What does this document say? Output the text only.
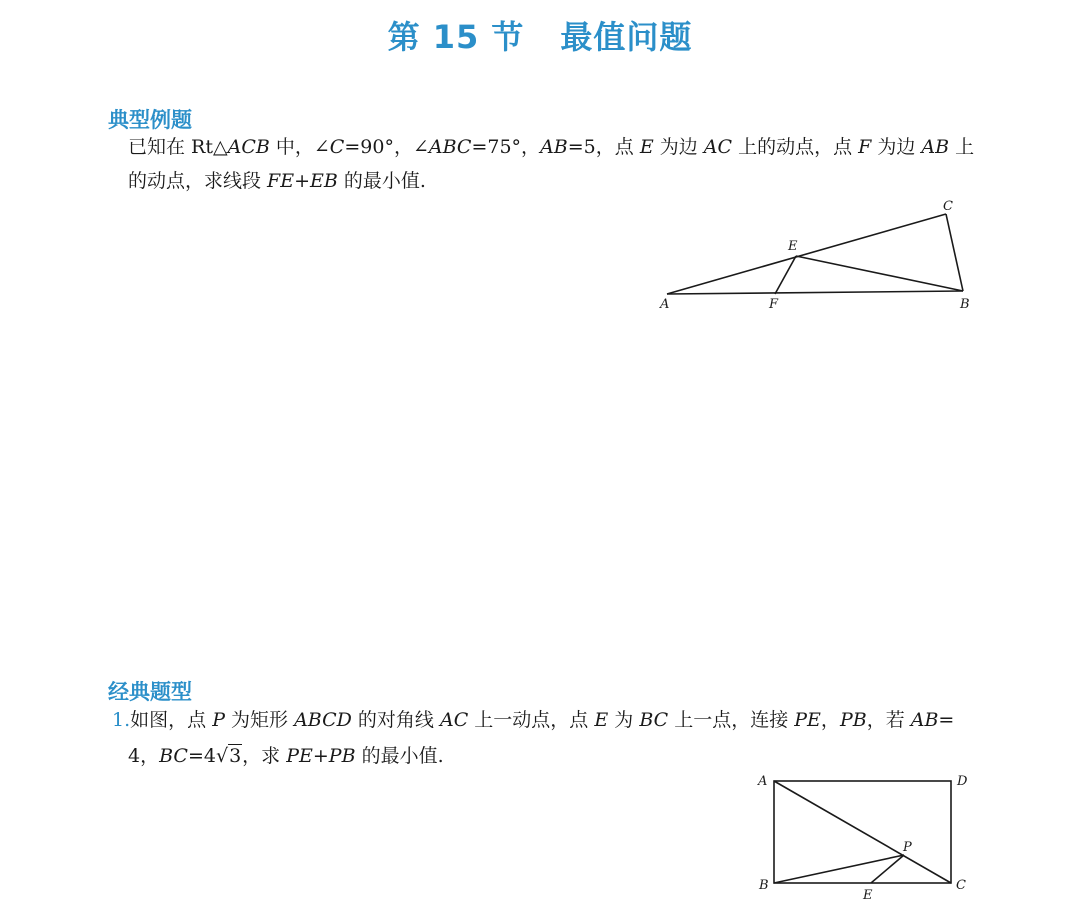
第 15 节 最值问题
典型例题
已知在 Rt△ACB 中，∠C=90°，∠ABC=75°，AB=5，点 E 为边 AC 上的动点，点 F 为边 AB 上的动点，求线段 FE+EB 的最小值.
A	F	B
E
C
经典题型
1.如图，点 P 为矩形 ABCD 的对角线 AC 上一动点，点 E 为 BC 上一点，连接 PE，PB，若 AB=
4，BC=4√3，求 PE+PB 的最小值.
A	D
B	C
P
E
